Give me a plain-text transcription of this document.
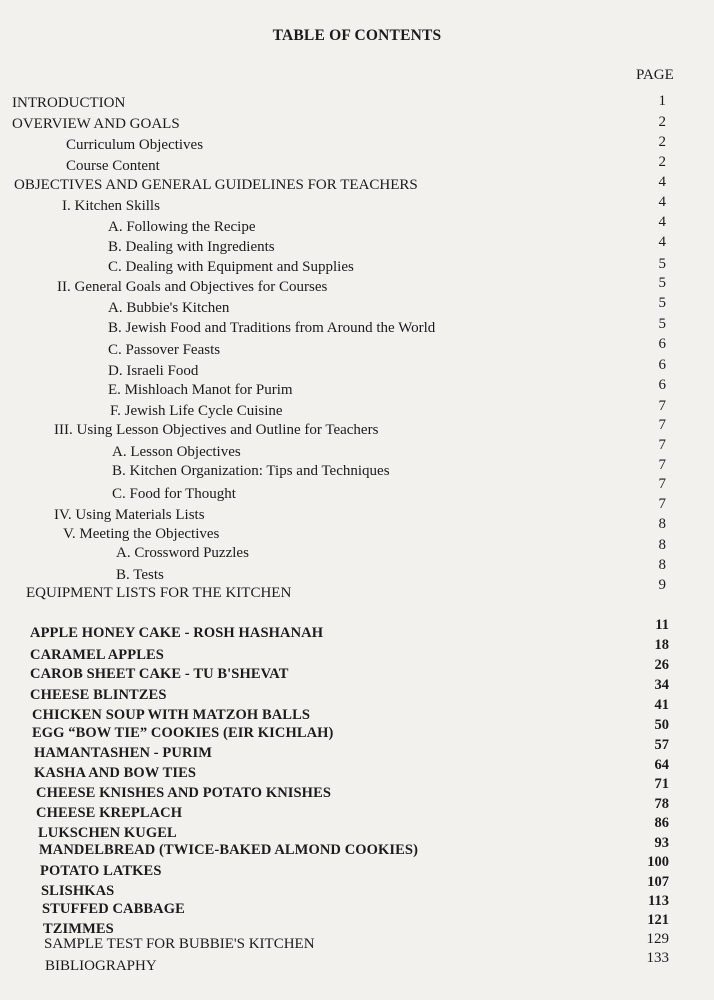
TABLE OF CONTENTS
PAGE
INTRODUCTION
OVERVIEW AND GOALS
Curriculum Objectives
Course Content
OBJECTIVES AND GENERAL GUIDELINES FOR TEACHERS
I. Kitchen Skills
A. Following the Recipe
B. Dealing with Ingredients
C. Dealing with Equipment and Supplies
II. General Goals and Objectives for Courses
A. Bubbie's Kitchen
B. Jewish Food and Traditions from Around the World
C. Passover Feasts
D. Israeli Food
E. Mishloach Manot for Purim
F. Jewish Life Cycle Cuisine
III. Using Lesson Objectives and Outline for Teachers
A. Lesson Objectives
B. Kitchen Organization: Tips and Techniques
C. Food for Thought
IV. Using Materials Lists
V. Meeting the Objectives
A. Crossword Puzzles
B. Tests
EQUIPMENT LISTS FOR THE KITCHEN
APPLE HONEY CAKE - ROSH HASHANAH
CARAMEL APPLES
CAROB SHEET CAKE - TU B'SHEVAT
CHEESE BLINTZES
CHICKEN SOUP WITH MATZOH BALLS
EGG “BOW TIE” COOKIES (EIR KICHLAH)
HAMANTASHEN - PURIM
KASHA AND BOW TIES
CHEESE KNISHES AND POTATO KNISHES
CHEESE KREPLACH
LUKSCHEN KUGEL
MANDELBREAD (TWICE-BAKED ALMOND COOKIES)
POTATO LATKES
SLISHKAS
STUFFED CABBAGE
TZIMMES
SAMPLE TEST FOR BUBBIE'S KITCHEN
BIBLIOGRAPHY
1
2
2
2
4
4
4
4
5
5
5
5
6
6
6
7
7
7
7
7
7
8
8
8
9
11
18
26
34
41
50
57
64
71
78
86
93
100
107
113
121
129
133
